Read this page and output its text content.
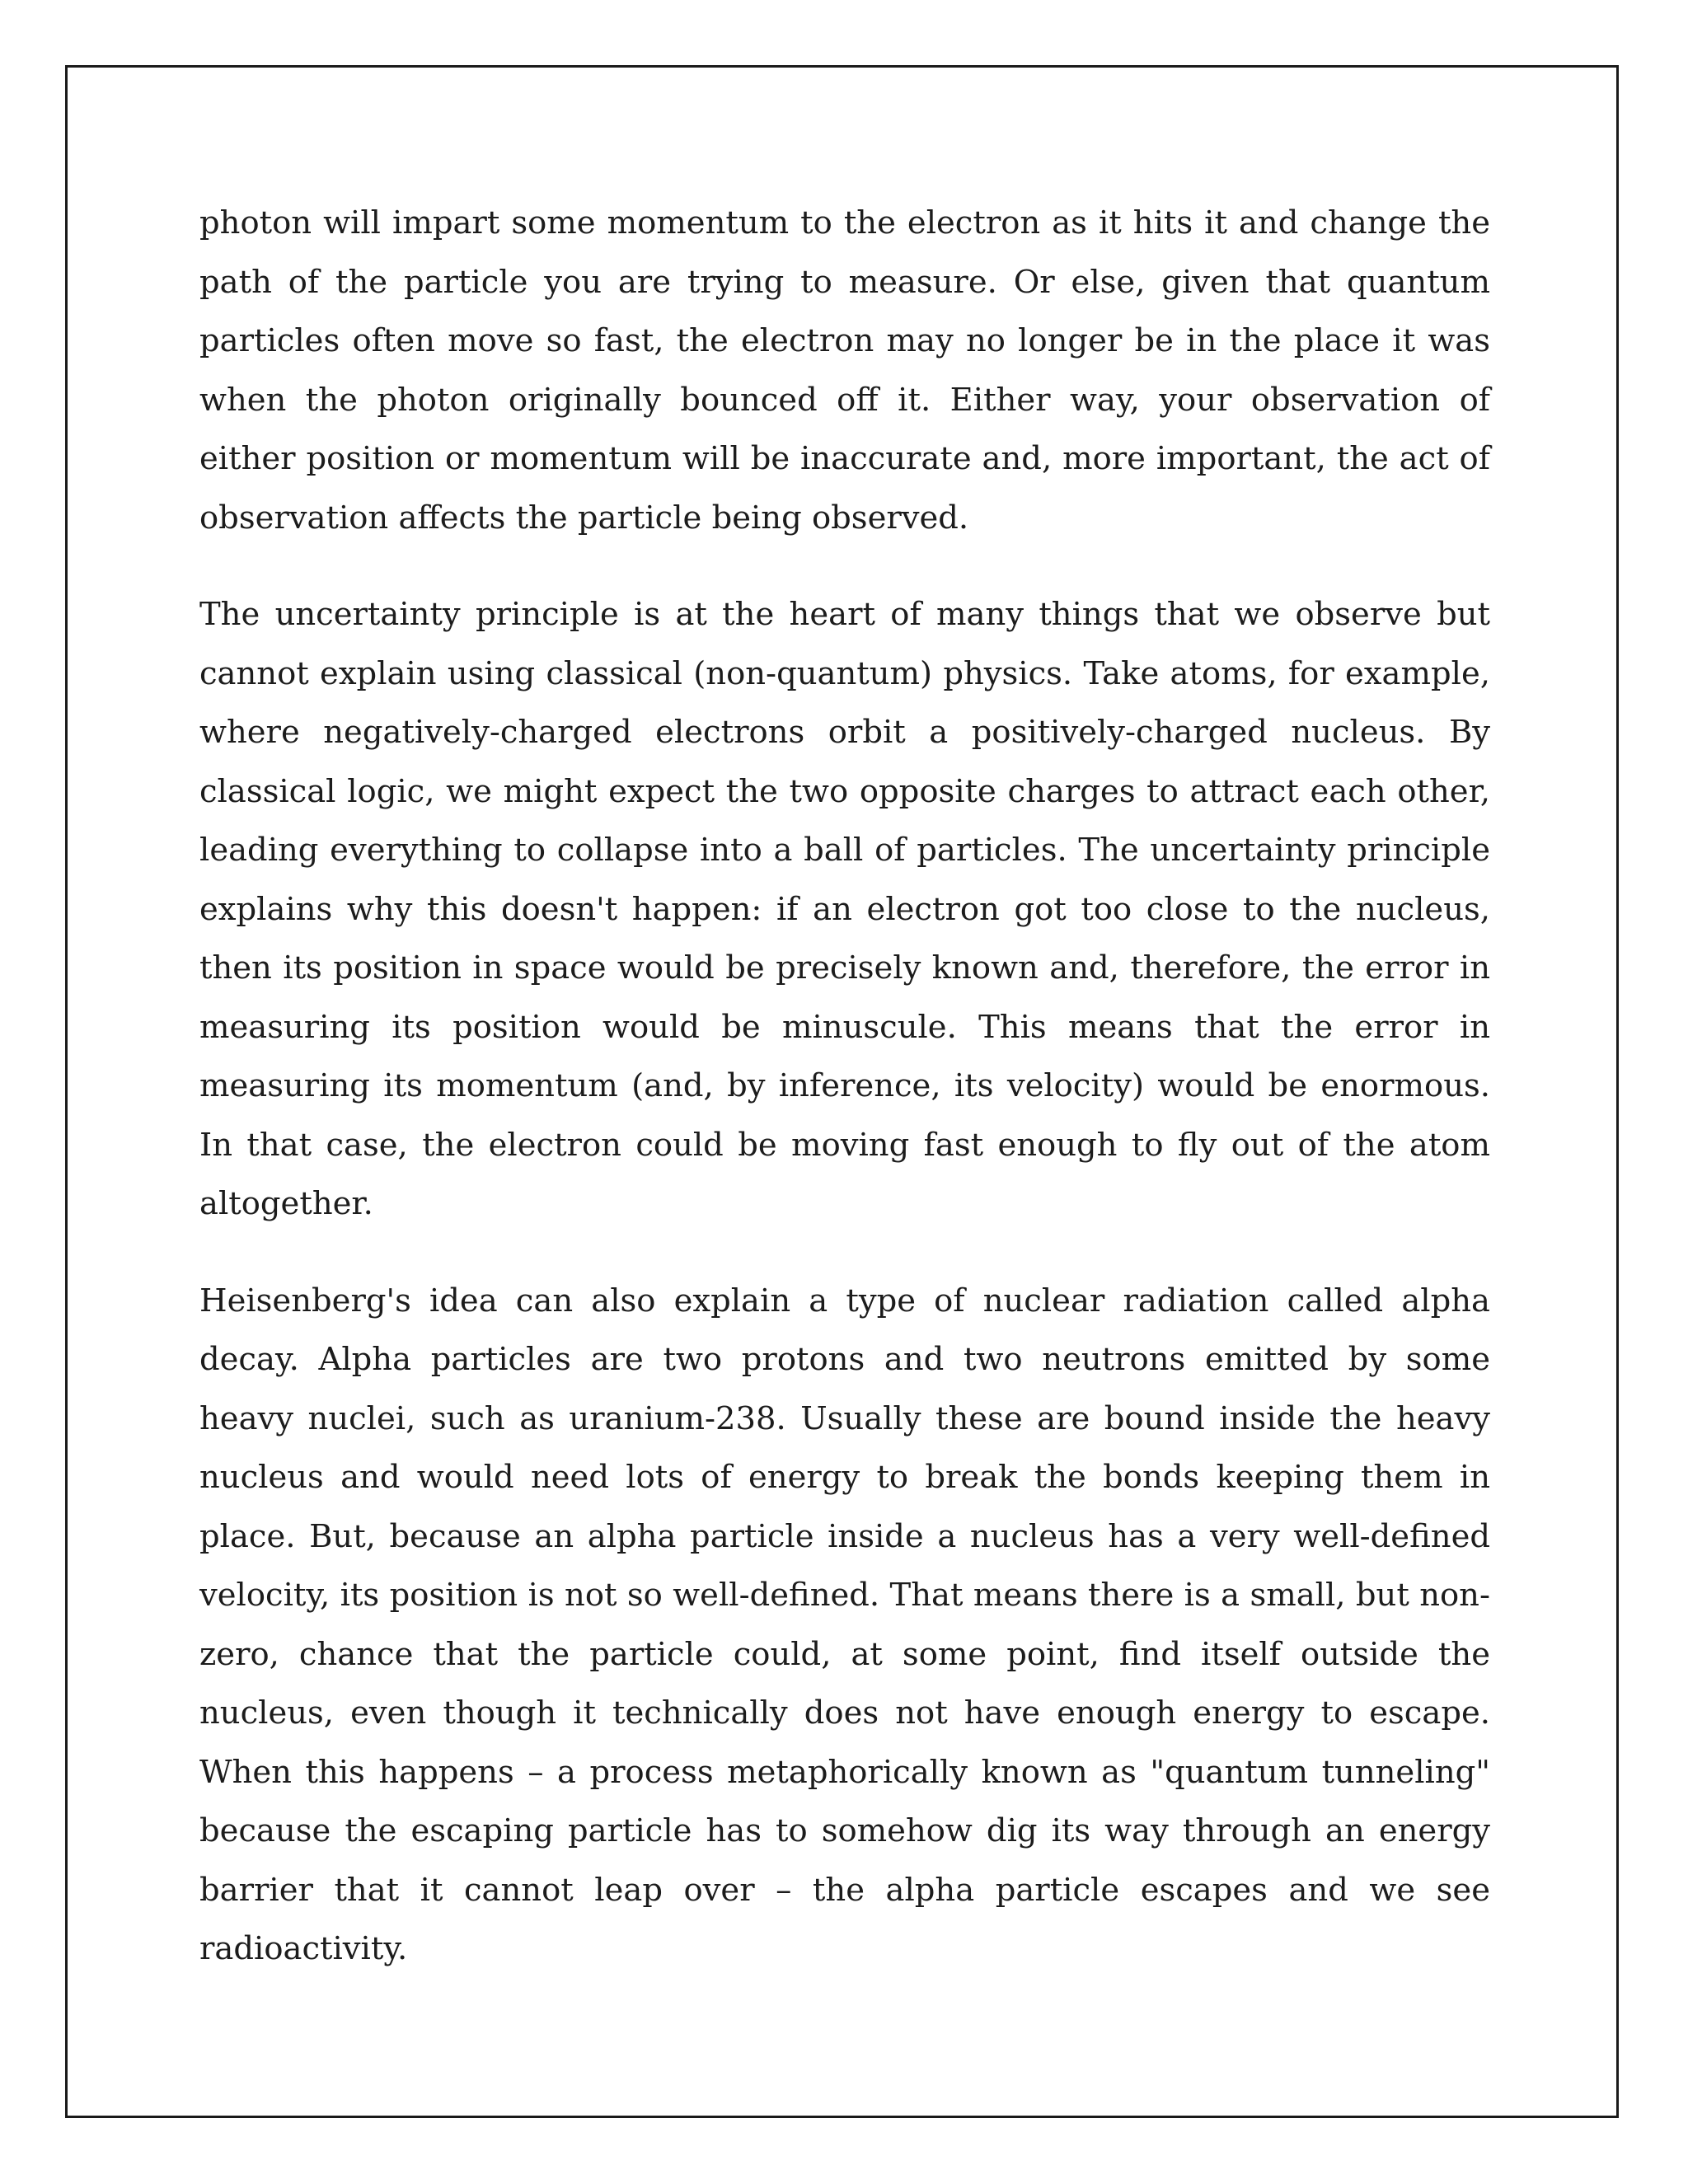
photon will impart some momentum to the electron as it hits it and change the path of the particle you are trying to measure. Or else, given that quantum particles often move so fast, the electron may no longer be in the place it was when the photon originally bounced off it. Either way, your observation of either position or momentum will be inaccurate and, more important, the act of observation affects the particle being observed.

The uncertainty principle is at the heart of many things that we observe but cannot explain using classical (non-quantum) physics. Take atoms, for example, where negatively-charged electrons orbit a positively-charged nucleus. By classical logic, we might expect the two opposite charges to attract each other, leading everything to collapse into a ball of particles. The uncertainty principle explains why this doesn't happen: if an electron got too close to the nucleus, then its position in space would be precisely known and, therefore, the error in measuring its position would be minuscule. This means that the error in measuring its momentum (and, by inference, its velocity) would be enormous. In that case, the electron could be moving fast enough to fly out of the atom altogether.

Heisenberg's idea can also explain a type of nuclear radiation called alpha decay. Alpha particles are two protons and two neutrons emitted by some heavy nuclei, such as uranium-238. Usually these are bound inside the heavy nucleus and would need lots of energy to break the bonds keeping them in place. But, because an alpha particle inside a nucleus has a very well-defined velocity, its position is not so well-defined. That means there is a small, but non-zero, chance that the particle could, at some point, find itself outside the nucleus, even though it technically does not have enough energy to escape. When this happens – a process metaphorically known as "quantum tunneling" because the escaping particle has to somehow dig its way through an energy barrier that it cannot leap over – the alpha particle escapes and we see radioactivity.
